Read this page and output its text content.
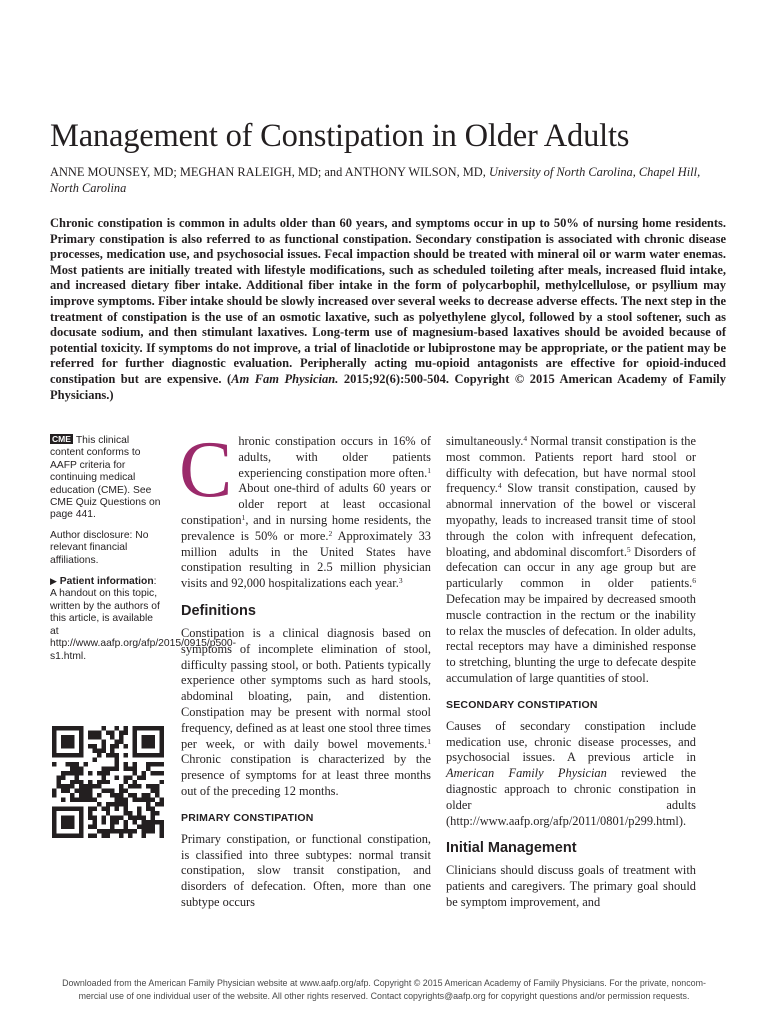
Management of Constipation in Older Adults
ANNE MOUNSEY, MD; MEGHAN RALEIGH, MD; and ANTHONY WILSON, MD, University of North Carolina, Chapel Hill, North Carolina
Chronic constipation is common in adults older than 60 years, and symptoms occur in up to 50% of nursing home residents. Primary constipation is also referred to as functional constipation. Secondary constipation is associated with chronic disease processes, medication use, and psychosocial issues. Fecal impaction should be treated with mineral oil or warm water enemas. Most patients are initially treated with lifestyle modifications, such as scheduled toileting after meals, increased fluid intake, and increased dietary fiber intake. Additional fiber intake in the form of polycarbophil, methylcellulose, or psyllium may improve symptoms. Fiber intake should be slowly increased over several weeks to decrease adverse effects. The next step in the treatment of constipation is the use of an osmotic laxative, such as polyethylene glycol, followed by a stool softener, such as docusate sodium, and then stimulant laxatives. Long-term use of magnesium-based laxatives should be avoided because of potential toxicity. If symptoms do not improve, a trial of linaclotide or lubiprostone may be appropriate, or the patient may be referred for further diagnostic evaluation. Peripherally acting mu-opioid antagonists are effective for opioid-induced constipation but are expensive. (Am Fam Physician. 2015;92(6):500-504. Copyright © 2015 American Academy of Family Physicians.)

CME This clinical content conforms to AAFP criteria for continuing medical education (CME). See CME Quiz Questions on page 441.

Author disclosure: No relevant financial affiliations.

▶ Patient information: A handout on this topic, written by the authors of this article, is available at http://www.aafp.org/afp/2015/0915/p500-s1.html.

Chronic constipation occurs in 16% of adults, with older patients experiencing constipation more often.$^1$ About one-third of adults 60 years or older report at least occasional constipation$^1$, and in nursing home residents, the prevalence is 50% or more.$^2$ Approximately 33 million adults in the United States have constipation resulting in 2.5 million physician visits and 92,000 hospitalizations each year.$^3$

Definitions

Constipation is a clinical diagnosis based on symptoms of incomplete elimination of stool, difficulty passing stool, or both. Patients typically experience other symptoms such as hard stools, abdominal bloating, pain, and distention. Constipation may be present with normal stool frequency, defined as at least one stool three times per week, or with daily bowel movements.$^1$ Chronic constipation is characterized by the presence of symptoms for at least three months out of the preceding 12 months.

PRIMARY CONSTIPATION

Primary constipation, or functional constipation, is classified into three subtypes: normal transit constipation, slow transit constipation, and disorders of defecation. Often, more than one subtype occurs

simultaneously.$^4$ Normal transit constipation is the most common. Patients report hard stool or difficulty with defecation, but have normal stool frequency.$^4$ Slow transit constipation, caused by abnormal innervation of the bowel or visceral myopathy, leads to increased transit time of stool through the colon with infrequent defecation, bloating, and abdominal discomfort.$^5$ Disorders of defecation can occur in any age group but are particularly common in older patients.$^6$ Defecation may be impaired by decreased smooth muscle contraction in the rectum or the inability to relax the muscles of defecation. In older adults, rectal receptors may have a diminished response to stretching, blunting the urge to defecate despite accumulation of large quantities of stool.

SECONDARY CONSTIPATION

Causes of secondary constipation include medication use, chronic disease processes, and psychosocial issues. A previous article in American Family Physician reviewed the diagnostic approach to chronic constipation in older adults (http://www.aafp.org/afp/2011/0801/p299.html).

Initial Management

Clinicians should discuss goals of treatment with patients and caregivers. The primary goal should be symptom improvement, and

Downloaded from the American Family Physician website at www.aafp.org/afp. Copyright © 2015 American Academy of Family Physicians. For the private, noncom-
mercial use of one individual user of the website. All other rights reserved. Contact copyrights@aafp.org for copyright questions and/or permission requests.
